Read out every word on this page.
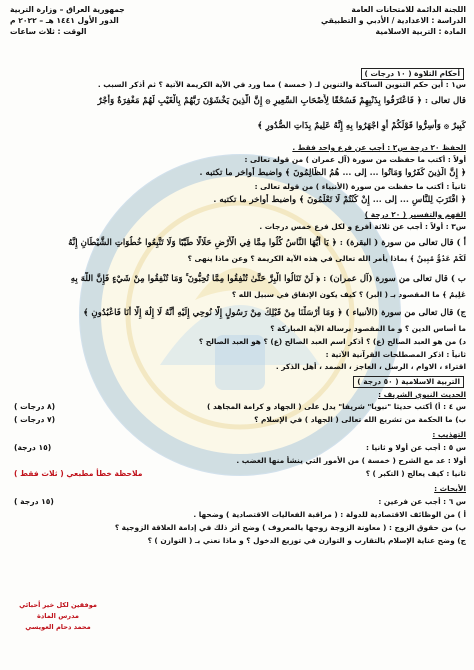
اللجنة الدائمة للامتحانات العامة
الدراسة : الاعدادية / الأدبي و التطبيقي
المادة : التربية الاسلامية
جمهورية العراق – وزارة التربية
الدور الأول ١٤٤١ هـ – ٢٠٢٢ م
الوقت : ثلاث ساعات
أحكام التلاوة ( ١٠ درجات )
س١ : أين حكم التنوين الساكنة والتنوين لـ ( خمسة ) مما ورد في الآية الكريمة الآتية ؟ ثم أذكر السبب .
قال تعالى : ﴿ فَاعْتَرَفُوا بِذَنْبِهِمْ فَسُحْقًا لِأَصْحَابِ السَّعِيرِ ۞ إِنَّ الَّذِينَ يَخْشَوْنَ رَبَّهُمْ بِالْغَيْبِ لَهُمْ مَغْفِرَةٌ وَأَجْرٌ
كَبِيرٌ ۞ وَأَسِرُّوا قَوْلَكُمْ أَوِ اجْهَرُوا بِهِ إِنَّهُ عَلِيمٌ بِذَاتِ الصُّدُورِ ﴾
الحفظ ٢٠ درجة س٢ : أجب عن فرع واحد فقط .
أولاً : أكتب ما حفظت من سورة (آل عمران ) من قوله تعالى :
﴿ إِنَّ الَّذِينَ كَفَرُوا وَمَاتُوا ... إلى ... هُمُ الظَّالِمُونَ ﴾ واضبط أواخر ما تكتبه .
ثانياً : أكتب ما حفظت من سورة (الأنبياء ) من قوله تعالى :
﴿ اقْتَرَبَ لِلنَّاسِ ... إلى ... إِنْ كُنْتُمْ لَا تَعْلَمُونَ ﴾ واضبط أواخر ما تكتبه .
الفهم والتفسير ( ٢٠ درجة )
س٣ : أولاً : أجب عن ثلاثة أفرع و لكل فرع خمس درجات .
أ ) قال تعالى من سورة ( البقرة) : ﴿ يَا أَيُّهَا النَّاسُ كُلُوا مِمَّا فِي الْأَرْضِ حَلَالًا طَيِّبًا وَلَا تَتَّبِعُوا خُطُوَاتِ الشَّيْطَانِ إِنَّهُ
لَكُمْ عَدُوٌّ مُبِينٌ ﴾ بماذا يأمر الله تعالى في هذه الآية الكريمة ؟ وعن ماذا ينهى ؟
ب ) قال تعالى من سورة (آل عمران) : ﴿ لَنْ تَنَالُوا الْبِرَّ حَتَّىٰ تُنْفِقُوا مِمَّا تُحِبُّونَ ۚ وَمَا تُنْفِقُوا مِنْ شَيْءٍ فَإِنَّ اللَّهَ بِهِ
عَلِيمٌ ﴾ ما المقصود بـ ( البر) ؟ كيف يكون الإنفاق في سبيل الله ؟
ج) قال تعالى من سورة (الأنبياء ) ﴿ وَمَا أَرْسَلْنَا مِنْ قَبْلِكَ مِنْ رَسُولٍ إِلَّا نُوحِي إِلَيْهِ أَنَّهُ لَا إِلَٰهَ إِلَّا أَنَا فَاعْبُدُونِ ﴾
ما أساس الدين ؟ و ما المقصود برسالة الآية المباركة ؟
د) من هو العبد الصالح (ع) ؟ أذكر اسم العبد الصالح (ع) ؟ هو العبد الصالح ؟
ثانياً : اذكر المصطلحات القرآنية الآتية :
اقتراء ، الاوام ، الرسل ، العاجز ، الصمد ، أهل الذكر .
التربية الاسلامية ( ٥٠ درجة )
الحديث النبوي الشريف :
س ٤ : أ) أكتب حديثا "نبويا" شريفا" يدل على ( الجهاد و كرامة المجاهد )
( ٨ درجات)
ب) ما الحكمة من تشريع الله تعالى ( الجهاد ) في الإسلام ؟
( ٧ درجات)
التهذيب :
س ٥ : أجب عن أولا و ثانيا :
(١٥ درجة)
أولا : عد مع الشرح ( خمسة ) من الأمور التي ينشأ منها الغضب .
ثانيا : كيف يعالج ( التكبر ) ؟
( ملاحظة خطأ مطبعي ( ثلاث فقط
الأبحاث :
س ٦ : أجب عن فرعين :
( ١٥ درجة)
أ ) من الوظائف الاقتصادية للدولة : ( مراقبة الفعاليات الاقتصادية ) وضحها .
ب) من حقوق الزوج : ( معاونة الزوجة زوجها بالمعروف ) وضح أثر ذلك في إدامة العلاقة الزوجية ؟
ج) وضح عناية الإسلام بالتقارب و التوازن في توزيع الدخول ؟ و ماذا نعني بـ ( التوازن ) ؟
موفقين لكل خير أحبائي
مدرس المادة
محمد دحام العويسي
